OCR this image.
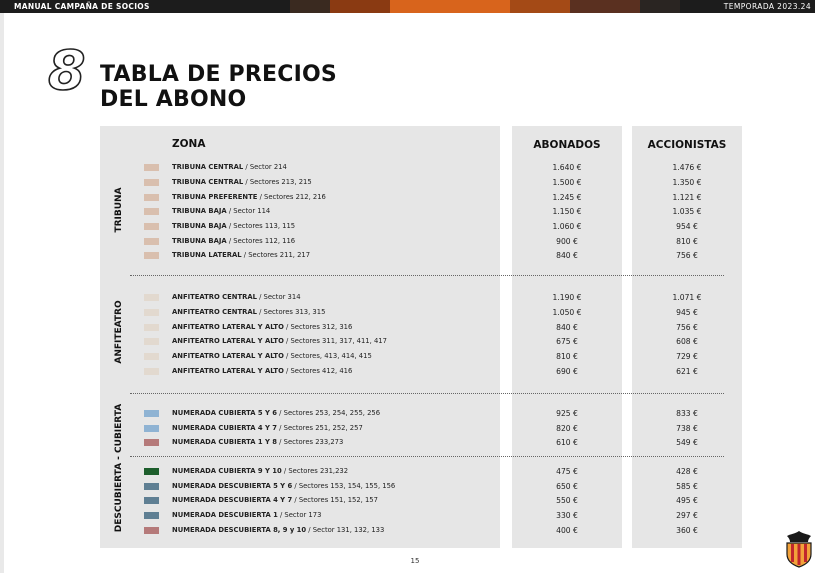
MANUAL CAMPAÑA DE SOCIOS	TEMPORADA 2023.24
8 TABLA DE PRECIOS
DEL ABONO
ZONA	ABONADOS	ACCIONISTAS
TRIBUNA
ANFITEATRO
DESCUBIERTA - CUBIERTA
TRIBUNA CENTRAL / Sector 214	1.640 €	1.476 €
TRIBUNA CENTRAL / Sectores 213, 215	1.500 €	1.350 €
TRIBUNA PREFERENTE / Sectores 212, 216	1.245 €	1.121 €
TRIBUNA BAJA / Sector 114	1.150 €	1.035 €
TRIBUNA BAJA / Sectores 113, 115	1.060 €	954 €
TRIBUNA BAJA / Sectores 112, 116	900 €	810 €
TRIBUNA LATERAL / Sectores 211, 217	840 €	756 €
ANFITEATRO CENTRAL / Sector 314	1.190 €	1.071 €
ANFITEATRO CENTRAL / Sectores 313, 315	1.050 €	945 €
ANFITEATRO LATERAL Y ALTO / Sectores 312, 316	840 €	756 €
ANFITEATRO LATERAL Y ALTO / Sectores 311, 317, 411, 417	675 €	608 €
ANFITEATRO LATERAL Y ALTO / Sectores, 413, 414, 415	810 €	729 €
ANFITEATRO LATERAL Y ALTO / Sectores 412, 416	690 €	621 €
NUMERADA CUBIERTA 5 Y 6 / Sectores 253, 254, 255, 256	925 €	833 €
NUMERADA CUBIERTA 4 Y 7 / Sectores 251, 252, 257	820 €	738 €
NUMERADA CUBIERTA 1 Y 8 / Sectores 233,273	610 €	549 €
NUMERADA CUBIERTA 9 Y 10 / Sectores 231,232	475 €	428 €
NUMERADA DESCUBIERTA 5 Y 6 / Sectores 153, 154, 155, 156	650 €	585 €
NUMERADA DESCUBIERTA 4 Y 7 / Sectores 151, 152, 157	550 €	495 €
NUMERADA DESCUBIERTA 1 / Sector 173	330 €	297 €
NUMERADA DESCUBIERTA 8, 9 y 10 / Sector 131, 132, 133	400 €	360 €
15
